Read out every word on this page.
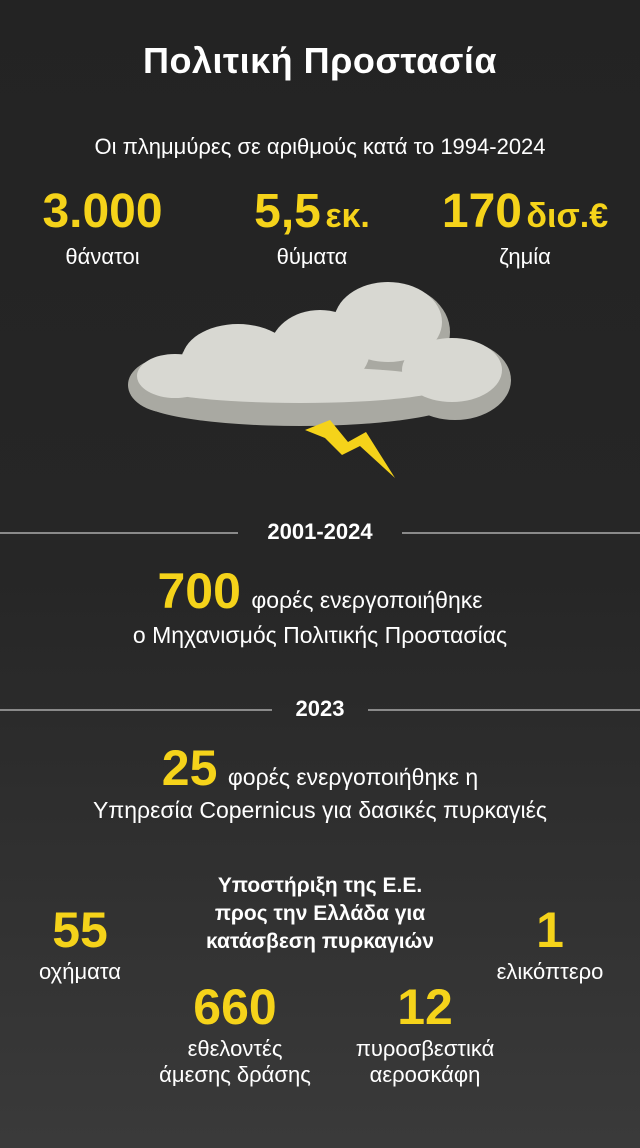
Πολιτική Προστασία
Οι πλημμύρες σε αριθμούς κατά το 1994-2024
3.000
θάνατοι
5,5 εκ.
θύματα
170 δισ.€
ζημία
2001-2024
700 φορές ενεργοποιήθηκε
ο Μηχανισμός Πολιτικής Προστασίας
2023
25 φορές ενεργοποιήθηκε η
Υπηρεσία Copernicus για δασικές πυρκαγιές
Υποστήριξη της Ε.Ε.
προς την Ελλάδα για
κατάσβεση πυρκαγιών
55
οχήματα
1
ελικόπτερο
660
εθελοντές
άμεσης δράσης
12
πυροσβεστικά
αεροσκάφη
